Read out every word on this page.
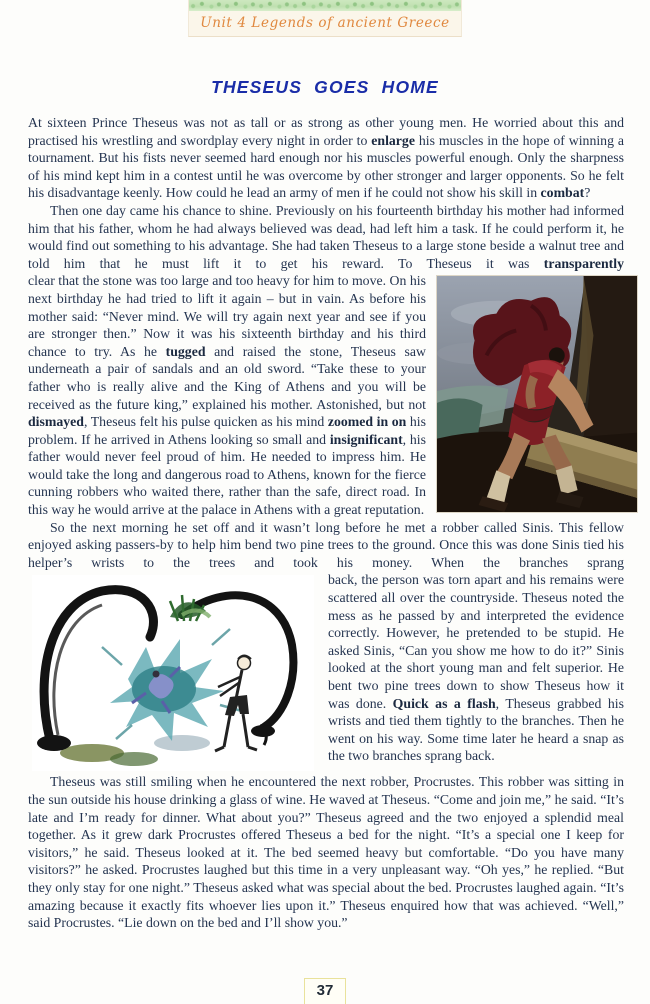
Unit 4 Legends of ancient Greece
THESEUS GOES HOME

At sixteen Prince Theseus was not as tall or as strong as other young men. He worried about this and practised his wrestling and swordplay every night in order to enlarge his muscles in the hope of winning a tournament. But his fists never seemed hard enough nor his muscles powerful enough. Only the sharpness of his mind kept him in a contest until he was overcome by other stronger and larger opponents. So he felt his disadvantage keenly. How could he lead an army of men if he could not show his skill in combat?

Then one day came his chance to shine. Previously on his fourteenth birthday his mother had informed him that his father, whom he had always believed was dead, had left him a task. If he could perform it, he would find out something to his advantage. She had taken Theseus to a large stone beside a walnut tree and told him that he must lift it to get his reward. To Theseus it was transparently

clear that the stone was too large and too heavy for him to move. On his next birthday he had tried to lift it again – but in vain. As before his mother said: “Never mind. We will try again next year and see if you are stronger then.” Now it was his sixteenth birthday and his third chance to try. As he tugged and raised the stone, Theseus saw underneath a pair of sandals and an old sword. “Take these to your father who is really alive and the King of Athens and you will be received as the future king,” explained his mother. Astonished, but not dismayed, Theseus felt his pulse quicken as his mind zoomed in on his problem. If he arrived in Athens looking so small and insignificant, his father would never feel proud of him. He needed to impress him. He would take the long and dangerous road to Athens, known for the fierce cunning robbers who waited there, rather than the safe, direct road. In this way he would arrive at the palace in Athens with a great reputation.

So the next morning he set off and it wasn’t long before he met a robber called Sinis. This fellow enjoyed asking passers-by to help him bend two pine trees to the ground. Once this was done Sinis tied his helper’s wrists to the trees and took his money. When the branches sprang

back, the person was torn apart and his remains were scattered all over the countryside. Theseus noted the mess as he passed by and interpreted the evidence correctly. However, he pretended to be stupid. He asked Sinis, “Can you show me how to do it?” Sinis looked at the short young man and felt superior. He bent two pine trees down to show Theseus how it was done. Quick as a flash, Theseus grabbed his wrists and tied them tightly to the branches. Then he went on his way. Some time later he heard a snap as the two branches sprang back.

Theseus was still smiling when he encountered the next robber, Procrustes. This robber was sitting in the sun outside his house drinking a glass of wine. He waved at Theseus. “Come and join me,” he said. “It’s late and I’m ready for dinner. What about you?” Theseus agreed and the two enjoyed a splendid meal together. As it grew dark Procrustes offered Theseus a bed for the night. “It’s a special one I keep for visitors,” he said. Theseus looked at it. The bed seemed heavy but comfortable. “Do you have many visitors?” he asked. Procrustes laughed but this time in a very unpleasant way. “Oh yes,” he replied. “But they only stay for one night.” Theseus asked what was special about the bed. Procrustes laughed again. “It’s amazing because it exactly fits whoever lies upon it.” Theseus enquired how that was achieved. “Well,” said Procrustes. “Lie down on the bed and I’ll show you.”

37
